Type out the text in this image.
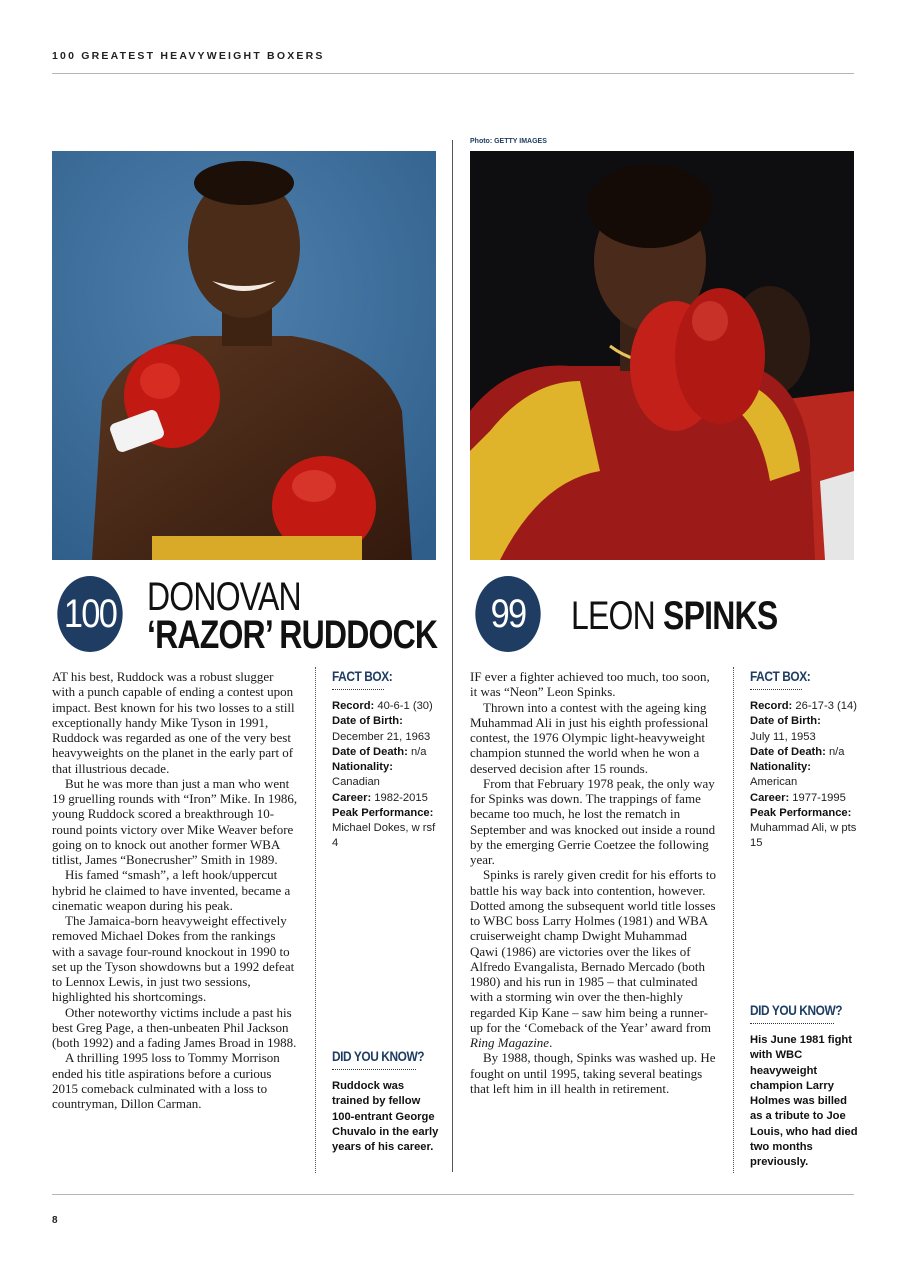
100 GREATEST HEAVYWEIGHT BOXERS
Photo: GETTY IMAGES
100 DONOVAN
‘RAZOR’ RUDDOCK	99	LEON SPINKS

AT his best, Ruddock was a robust slugger with a punch capable of ending a contest upon impact. Best known for his two losses to a still exceptionally handy Mike Tyson in 1991, Ruddock was regarded as one of the very best heavyweights on the planet in the early part of that illustrious decade.

But he was more than just a man who went 19 gruelling rounds with “Iron” Mike. In 1986, young Ruddock scored a breakthrough 10-round points victory over Mike Weaver before going on to knock out another former WBA titlist, James “Bonecrusher” Smith in 1989.

His famed “smash”, a left hook/uppercut hybrid he claimed to have invented, became a cinematic weapon during his peak.

The Jamaica-born heavyweight effectively removed Michael Dokes from the rankings with a savage four-round knockout in 1990 to set up the Tyson showdowns but a 1992 defeat to Lennox Lewis, in just two sessions, highlighted his shortcomings.

Other noteworthy victims include a past his best Greg Page, a then-unbeaten Phil Jackson (both 1992) and a fading James Broad in 1988.

A thrilling 1995 loss to Tommy Morrison ended his title aspirations before a curious 2015 comeback culminated with a loss to countryman, Dillon Carman.

FACT BOX:
Record: 40-6-1 (30)
Date of Birth:
December 21, 1963
Date of Death: n/a
Nationality:
Canadian
Career: 1982-2015
Peak Performance:
Michael Dokes, w rsf 4
DID YOU KNOW?
Ruddock was trained by fellow 100-entrant George Chuvalo in the early years of his career.

IF ever a fighter achieved too much, too soon, it was “Neon” Leon Spinks.

Thrown into a contest with the ageing king Muhammad Ali in just his eighth professional contest, the 1976 Olympic light-heavyweight champion stunned the world when he won a deserved decision after 15 rounds.

From that February 1978 peak, the only way for Spinks was down. The trappings of fame became too much, he lost the rematch in September and was knocked out inside a round by the emerging Gerrie Coetzee the following year.

Spinks is rarely given credit for his efforts to battle his way back into contention, however. Dotted among the subsequent world title losses to WBC boss Larry Holmes (1981) and WBA cruiserweight champ Dwight Muhammad Qawi (1986) are victories over the likes of Alfredo Evangalista, Bernado Mercado (both 1980) and his run in 1985 – that culminated with a storming win over the then-highly regarded Kip Kane – saw him being a runner-up for the ‘Comeback of the Year’ award from Ring Magazine.

By 1988, though, Spinks was washed up. He fought on until 1995, taking several beatings that left him in ill health in retirement.

FACT BOX:
Record: 26-17-3 (14)
Date of Birth:
July 11, 1953
Date of Death: n/a
Nationality:
American
Career: 1977-1995
Peak Performance:
Muhammad Ali, w pts 15
DID YOU KNOW?
His June 1981 fight with WBC heavyweight champion Larry Holmes was billed as a tribute to Joe Louis, who had died two months previously.
8
